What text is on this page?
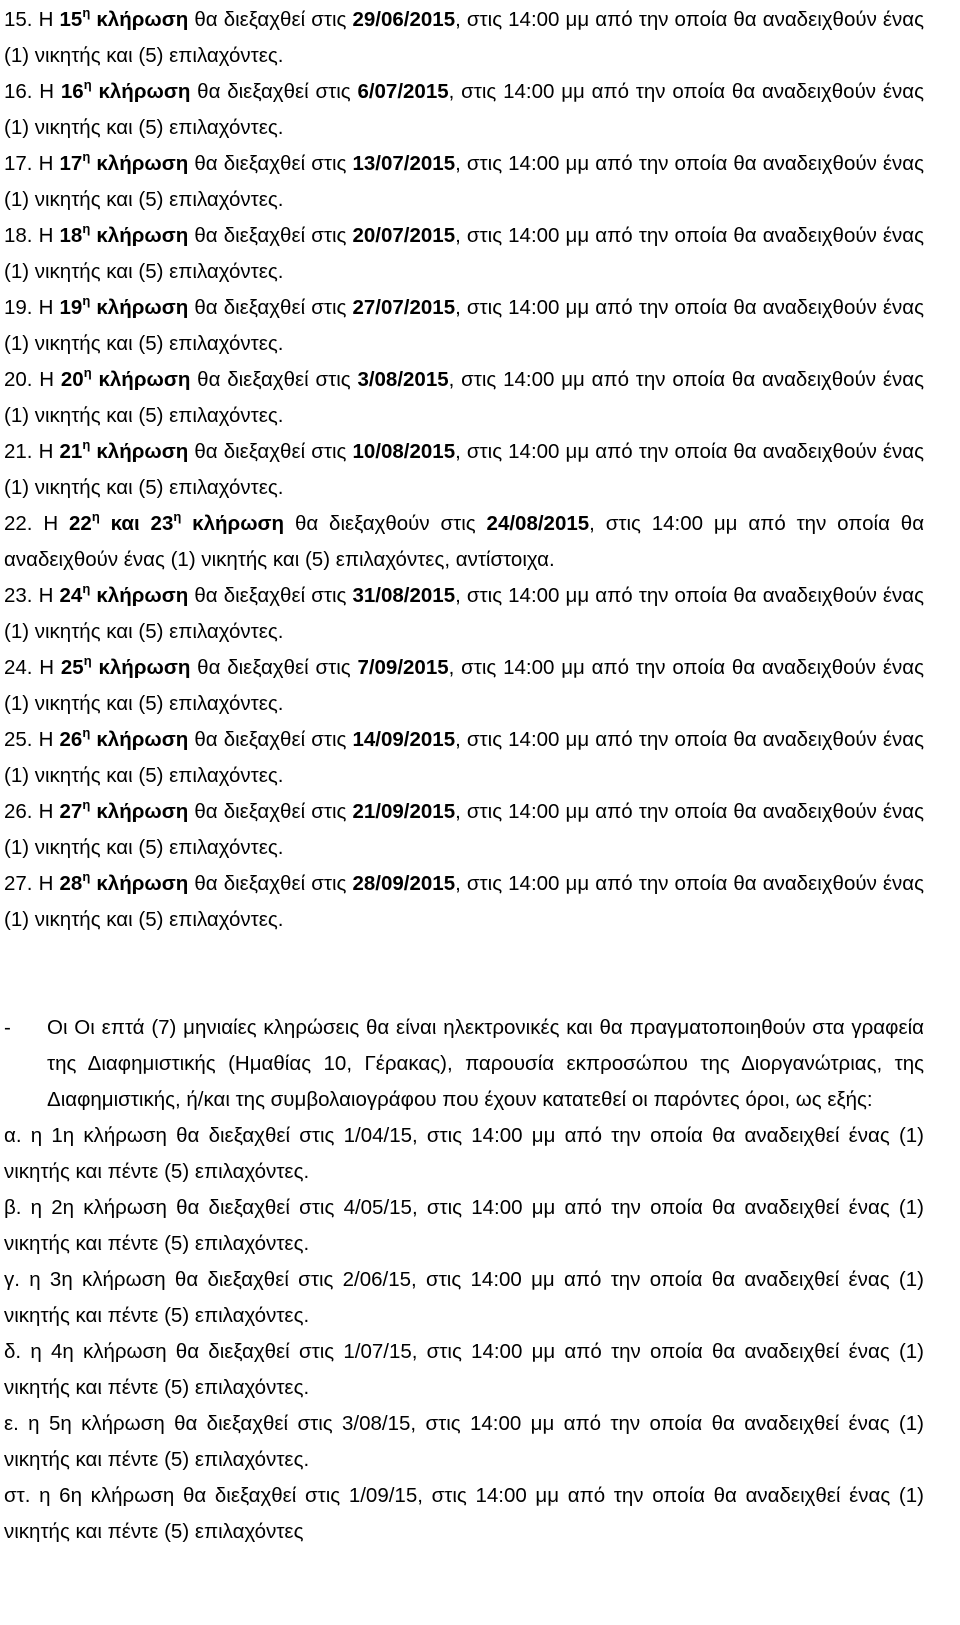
15. Η $15^\eta$ κλήρωση θα διεξαχθεί στις 29/06/2015, στις 14:00 μμ από την οποία θα αναδειχθούν ένας (1) νικητής και (5) επιλαχόντες.

16. Η $16^\eta$ κλήρωση θα διεξαχθεί στις 6/07/2015, στις 14:00 μμ από την οποία θα αναδειχθούν ένας (1) νικητής και (5) επιλαχόντες.

17. Η $17^\eta$ κλήρωση θα διεξαχθεί στις 13/07/2015, στις 14:00 μμ από την οποία θα αναδειχθούν ένας (1) νικητής και (5) επιλαχόντες.

18. Η $18^\eta$ κλήρωση θα διεξαχθεί στις 20/07/2015, στις 14:00 μμ από την οποία θα αναδειχθούν ένας (1) νικητής και (5) επιλαχόντες.

19. Η $19^\eta$ κλήρωση θα διεξαχθεί στις 27/07/2015, στις 14:00 μμ από την οποία θα αναδειχθούν ένας (1) νικητής και (5) επιλαχόντες.

20. Η $20^\eta$ κλήρωση θα διεξαχθεί στις 3/08/2015, στις 14:00 μμ από την οποία θα αναδειχθούν ένας (1) νικητής και (5) επιλαχόντες.

21. Η $21^\eta$ κλήρωση θα διεξαχθεί στις 10/08/2015, στις 14:00 μμ από την οποία θα αναδειχθούν ένας (1) νικητής και (5) επιλαχόντες.

22. Η $22^\eta$ και $23^\eta$ κλήρωση θα διεξαχθούν στις 24/08/2015, στις 14:00 μμ από την οποία θα αναδειχθούν ένας (1) νικητής και (5) επιλαχόντες, αντίστοιχα.

23. Η $24^\eta$ κλήρωση θα διεξαχθεί στις 31/08/2015, στις 14:00 μμ από την οποία θα αναδειχθούν ένας (1) νικητής και (5) επιλαχόντες.

24. Η $25^\eta$ κλήρωση θα διεξαχθεί στις 7/09/2015, στις 14:00 μμ από την οποία θα αναδειχθούν ένας (1) νικητής και (5) επιλαχόντες.

25. Η $26^\eta$ κλήρωση θα διεξαχθεί στις 14/09/2015, στις 14:00 μμ από την οποία θα αναδειχθούν ένας (1) νικητής και (5) επιλαχόντες.

26. Η $27^\eta$ κλήρωση θα διεξαχθεί στις 21/09/2015, στις 14:00 μμ από την οποία θα αναδειχθούν ένας (1) νικητής και (5) επιλαχόντες.

27. Η $28^\eta$ κλήρωση θα διεξαχθεί στις 28/09/2015, στις 14:00 μμ από την οποία θα αναδειχθούν ένας (1) νικητής και (5) επιλαχόντες.

- Οι Οι επτά (7) μηνιαίες κληρώσεις θα είναι ηλεκτρονικές και θα πραγματοποιηθούν στα γραφεία της Διαφημιστικής (Ημαθίας 10, Γέρακας), παρουσία εκπροσώπου της Διοργανώτριας, της Διαφημιστικής, ή/και της συμβολαιογράφου που έχουν κατατεθεί οι παρόντες όροι, ως εξής:

α. η 1η κλήρωση θα διεξαχθεί στις 1/04/15, στις 14:00 μμ από την οποία θα αναδειχθεί ένας (1) νικητής και πέντε (5) επιλαχόντες.

β. η 2η κλήρωση θα διεξαχθεί στις 4/05/15, στις 14:00 μμ από την οποία θα αναδειχθεί ένας (1) νικητής και πέντε (5) επιλαχόντες.

γ. η 3η κλήρωση θα διεξαχθεί στις 2/06/15, στις 14:00 μμ από την οποία θα αναδειχθεί ένας (1) νικητής και πέντε (5) επιλαχόντες.

δ. η 4η κλήρωση θα διεξαχθεί στις 1/07/15, στις 14:00 μμ από την οποία θα αναδειχθεί ένας (1) νικητής και πέντε (5) επιλαχόντες.

ε. η 5η κλήρωση θα διεξαχθεί στις 3/08/15, στις 14:00 μμ από την οποία θα αναδειχθεί ένας (1) νικητής και πέντε (5) επιλαχόντες.

στ. η 6η κλήρωση θα διεξαχθεί στις 1/09/15, στις 14:00 μμ από την οποία θα αναδειχθεί ένας (1) νικητής και πέντε (5) επιλαχόντες
